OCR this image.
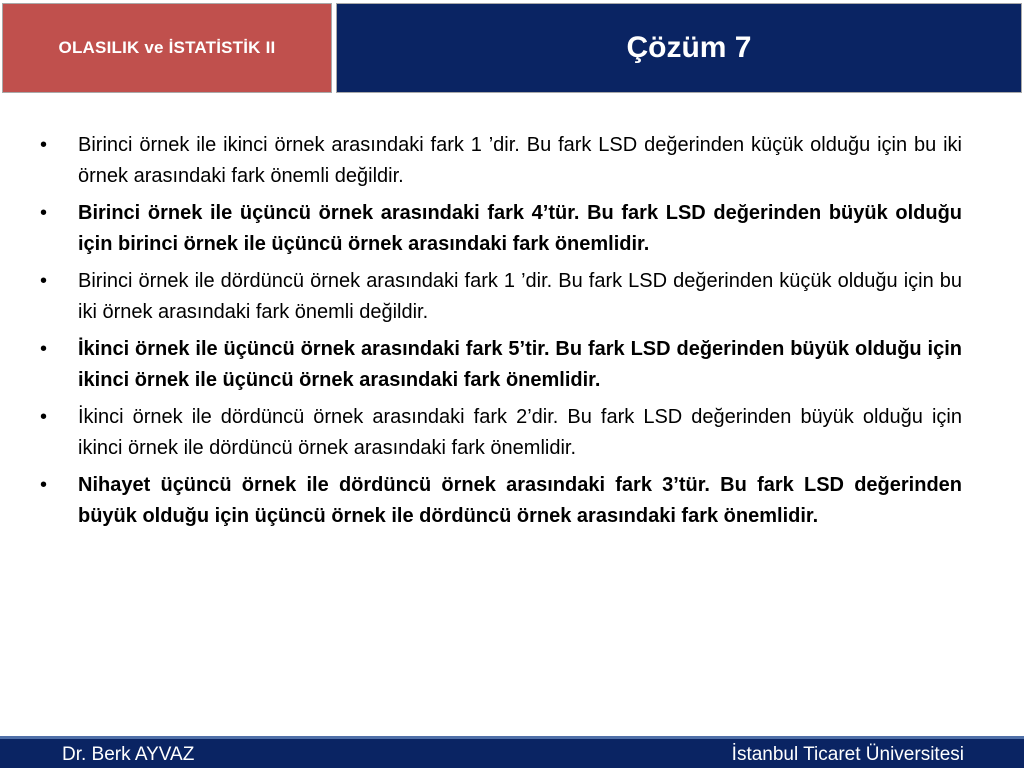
OLASILIK ve İSTATİSTİK II	Çözüm 7
• Birinci örnek ile ikinci örnek arasındaki fark 1 ’dir. Bu fark LSD değerinden küçük olduğu için bu iki örnek arasındaki fark önemli değildir.
• Birinci örnek ile üçüncü örnek arasındaki fark 4’tür. Bu fark LSD değerinden büyük olduğu için birinci örnek ile üçüncü örnek arasındaki fark önemlidir.
• Birinci örnek ile dördüncü örnek arasındaki fark 1 ’dir. Bu fark LSD değerinden küçük olduğu için bu iki örnek arasındaki fark önemli değildir.
• İkinci örnek ile üçüncü örnek arasındaki fark 5’tir. Bu fark LSD değerinden büyük olduğu için ikinci örnek ile üçüncü örnek arasındaki fark önemlidir.
• İkinci örnek ile dördüncü örnek arasındaki fark 2’dir. Bu fark LSD değerinden büyük olduğu için ikinci örnek ile dördüncü örnek arasındaki fark önemlidir.
• Nihayet üçüncü örnek ile dördüncü örnek arasındaki fark 3’tür. Bu fark LSD değerinden büyük olduğu için üçüncü örnek ile dördüncü örnek arasındaki fark önemlidir.
Dr. Berk AYVAZ	İstanbul Ticaret Üniversitesi
